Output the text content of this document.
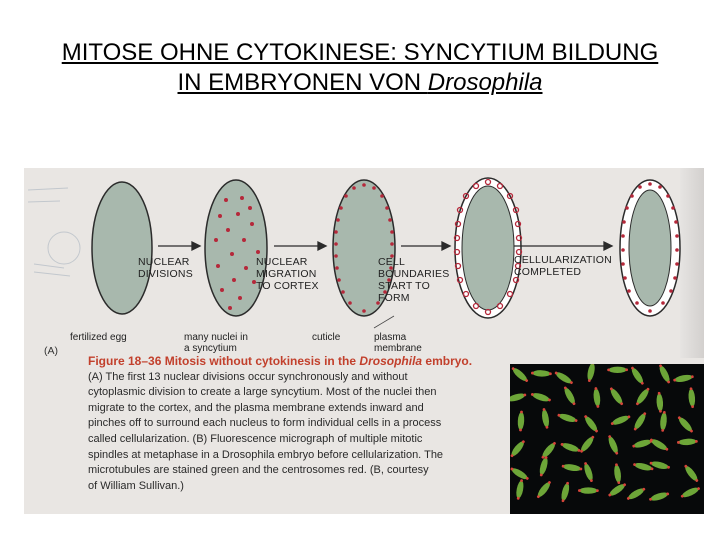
MITOSE OHNE CYTOKINESE: SYNCYTIUM BILDUNG
IN EMBRYONEN VON Drosophila
NUCLEAR
DIVISIONS
NUCLEAR
MIGRATION
TO CORTEX
CELL
BOUNDARIES
START TO
FORM
CELLULARIZATION
COMPLETED
fertilized egg	many nuclei in
a syncytium
cuticle	plasma
membrane
(A)
Figure 18–36 Mitosis without cytokinesis in the Drosophila embryo.
(A) The first 13 nuclear divisions occur synchronously and without
cytoplasmic division to create a large syncytium. Most of the nuclei then
migrate to the cortex, and the plasma membrane extends inward and
pinches off to surround each nucleus to form individual cells in a process
called cellularization. (B) Fluorescence micrograph of multiple mitotic
spindles at metaphase in a Drosophila embryo before cellularization. The
microtubules are stained green and the centrosomes red. (B, courtesy
of William Sullivan.)
